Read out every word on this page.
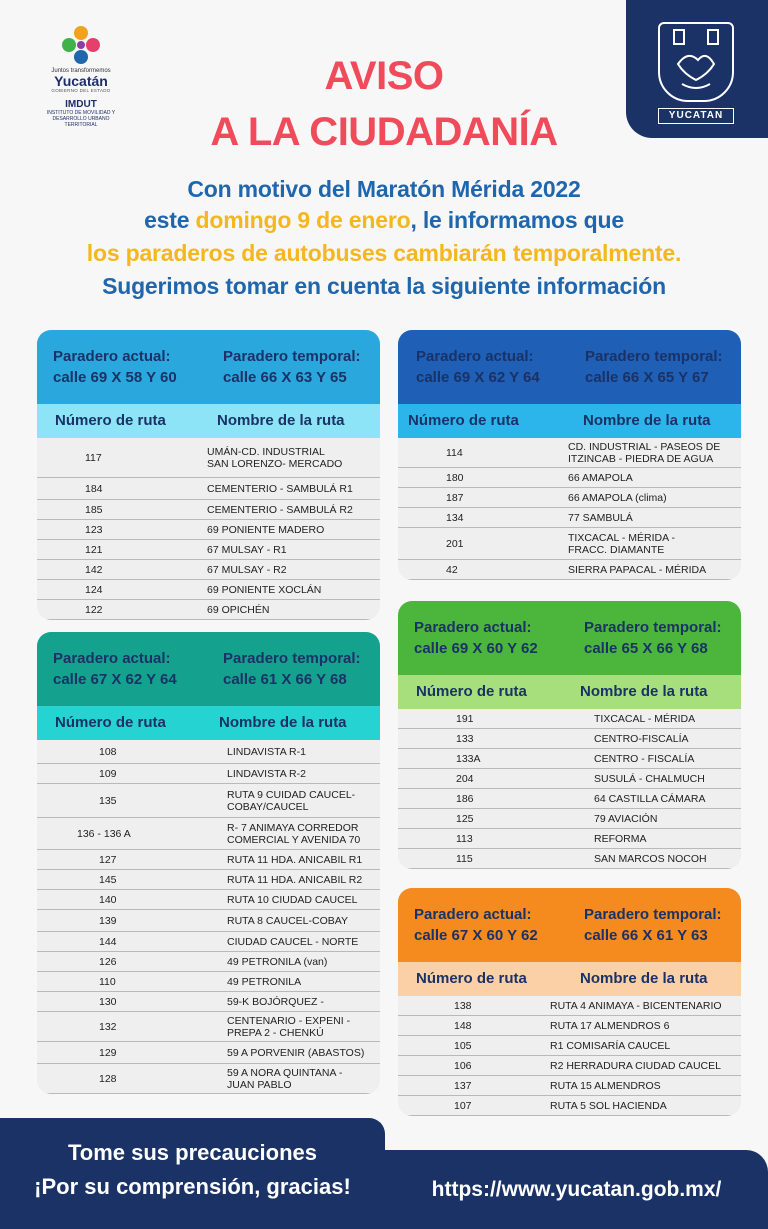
Juntos transformemos
Yucatán
GOBIERNO DEL ESTADO
IMDUT
INSTITUTO DE MOVILIDAD Y DESARROLLO URBANO TERRITORIAL
YUCATAN
AVISO
A LA CIUDADANÍA
Con motivo del Maratón Mérida 2022
este domingo 9 de enero, le informamos que
los paraderos de autobuses cambiarán temporalmente.
Sugerimos tomar en cuenta la siguiente información
Paradero actual:
calle 69 X 58 Y 60
Paradero temporal:
calle 66 X 63 Y 65
Número de ruta	Nombre de la ruta
117	UMÁN-CD. INDUSTRIAL
SAN LORENZO- MERCADO
184	CEMENTERIO - SAMBULÁ R1
185	CEMENTERIO - SAMBULÁ R2
123	69 PONIENTE MADERO
121	67 MULSAY - R1
142	67 MULSAY - R2
124	69 PONIENTE XOCLÁN
122	69 OPICHÉN
Paradero actual:
calle 69 X 62 Y 64
Paradero temporal:
calle 66 X 65 Y 67
Número de ruta	Nombre de la ruta
114	CD. INDUSTRIAL - PASEOS DE
ITZINCAB - PIEDRA DE AGUA
180	66 AMAPOLA
187	66 AMAPOLA (clima)
134	77 SAMBULÁ
201	TIXCACAL - MÉRIDA -
FRACC. DIAMANTE
42	SIERRA PAPACAL - MÉRIDA
Paradero actual:
calle 67 X 62 Y 64
Paradero temporal:
calle 61 X 66 Y 68
Número de ruta	Nombre de la ruta
108	LINDAVISTA R-1
109	LINDAVISTA R-2
135	RUTA 9 CUIDAD CAUCEL-
COBAY/CAUCEL
136 - 136 A	R- 7 ANIMAYA CORREDOR
COMERCIAL Y AVENIDA 70
127	RUTA 11 HDA. ANICABIL R1
145	RUTA 11 HDA. ANICABIL R2
140	RUTA 10 CIUDAD CAUCEL
139	RUTA 8 CAUCEL-COBAY
144	CIUDAD CAUCEL - NORTE
126	49 PETRONILA (van)
110	49 PETRONILA
130	59-K BOJÓRQUEZ -
132	CENTENARIO - EXPENI -
PREPA 2 - CHENKÚ
129	59 A PORVENIR (ABASTOS)
128	59 A NORA QUINTANA -
JUAN PABLO
Paradero actual:
calle 69 X 60 Y 62
Paradero temporal:
calle 65 X 66 Y 68
Número de ruta	Nombre de la ruta
191	TIXCACAL - MÉRIDA
133	CENTRO-FISCALÍA
133A	CENTRO - FISCALÍA
204	SUSULÁ - CHALMUCH
186	64 CASTILLA CÁMARA
125	79 AVIACIÓN
113	REFORMA
115	SAN MARCOS NOCOH
Paradero actual:
calle 67 X 60 Y 62
Paradero temporal:
calle 66 X 61 Y 63
Número de ruta	Nombre de la ruta
138	RUTA 4 ANIMAYA - BICENTENARIO
148	RUTA 17 ALMENDROS 6
105	R1 COMISARÍA CAUCEL
106	R2 HERRADURA CIUDAD CAUCEL
137	RUTA 15 ALMENDROS
107	RUTA 5 SOL HACIENDA
Tome sus precauciones
¡Por su comprensión, gracias!	https://www.yucatan.gob.mx/
